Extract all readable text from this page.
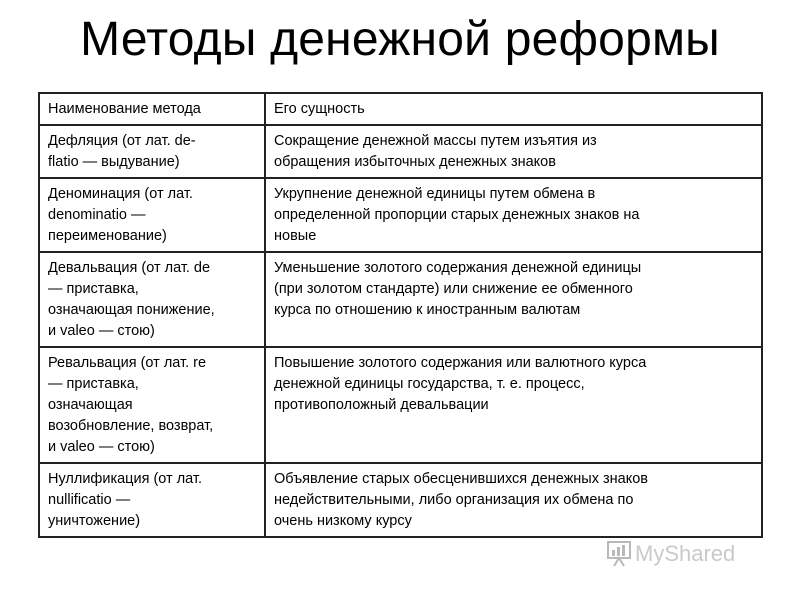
Методы денежной реформы
Наименование метода	Его сущность

Дефляция (от лат. de-
flatio — выдувание)	Сокращение денежной массы путем изъятия из
обращения избыточных денежных знаков

Деноминация (от лат.
denominatio —
переименование)	Укрупнение денежной единицы путем обмена в
определенной пропорции старых денежных знаков на
новые

Девальвация (от лат. de
— приставка,
означающая понижение,
и valeo — стою)	Уменьшение золотого содержания денежной единицы
(при золотом стандарте) или снижение ее обменного
курса по отношению к иностранным валютам

Ревальвация (от лат. re
— приставка,
означающая
возобновление, возврат,
и valeo — стою)	Повышение золотого содержания или валютного курса
денежной единицы государства, т. е. процесс,
противоположный девальвации

Нуллификация (от лат.
nullificatio —
уничтожение)	Объявление старых обесценившихся денежных знаков
недействительными, либо организация их обмена по
очень низкому курсу
MyShared
